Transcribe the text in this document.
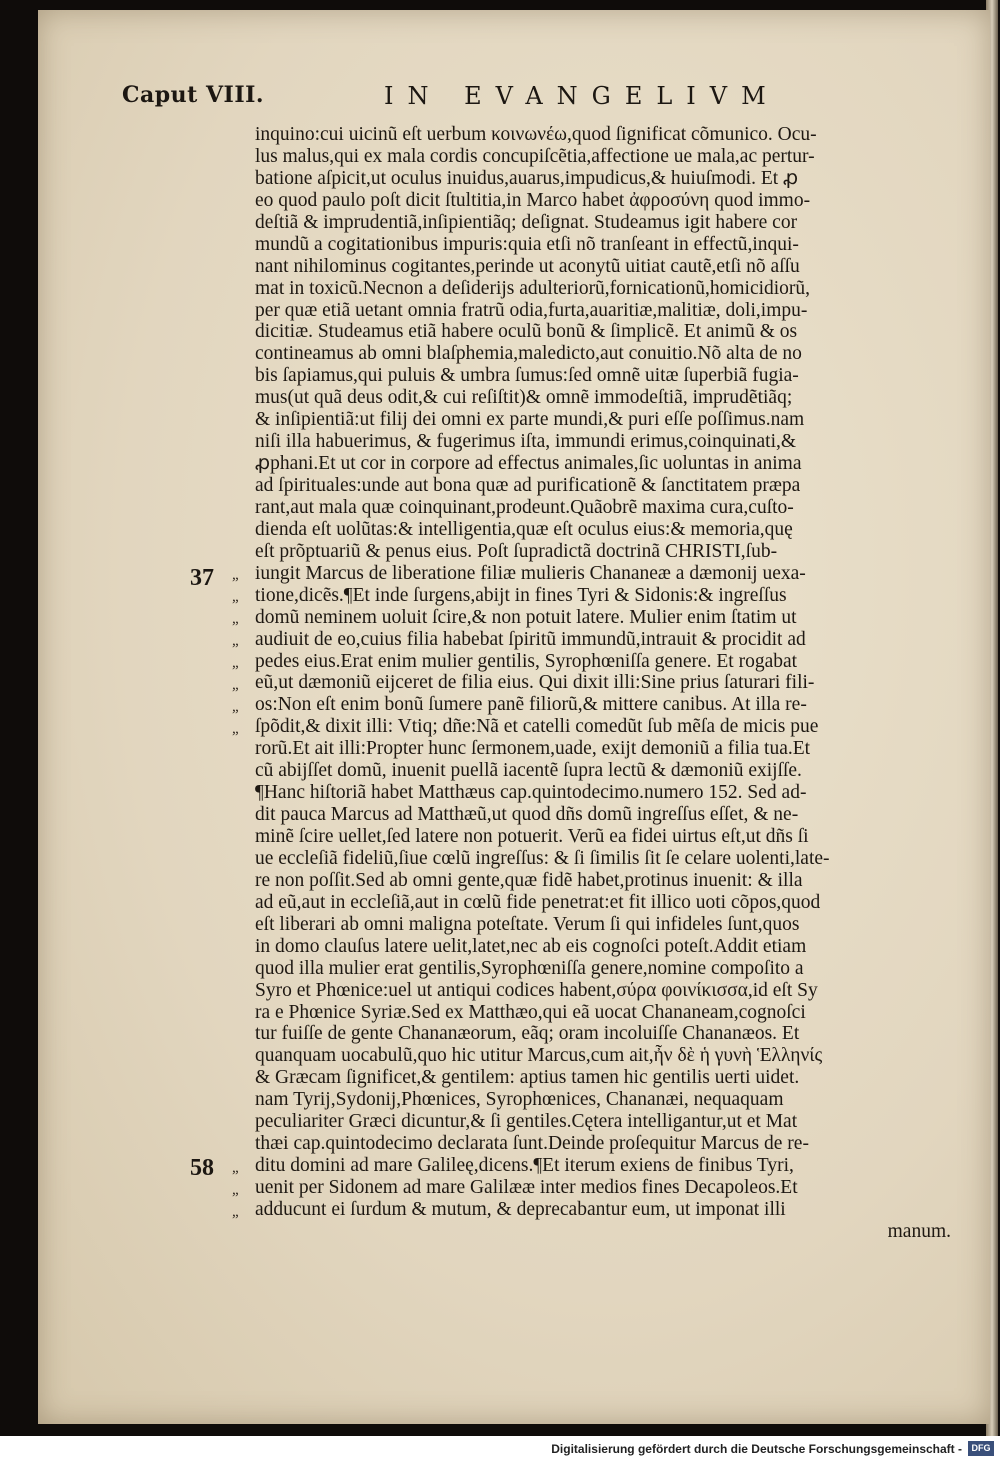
Caput VIII.	IN EVANGELIVM
inquino:cui uicinũ eſt uerbum κοινωνέω,quod ſignificat cõmunico. Ocu-
lus malus,qui ex mala cordis concupiſcẽtia,affectione ue mala,ac pertur-
batione aſpicit,ut oculus inuidus,auarus,impudicus,& huiuſmodi. Et ꝓ
eo quod paulo poſt dicit ſtultitia,in Marco habet ἀφροσύνη quod immo-
deſtiã & imprudentiã,inſipientiãq; deſignat. Studeamus igit habere cor
mundũ a cogitationibus impuris:quia etſi nõ tranſeant in effectũ,inqui-
nant nihilominus cogitantes,perinde ut aconytũ uitiat cautẽ,etſi nõ aſſu
mat in toxicũ.Necnon a deſiderijs adulteriorũ,fornicationũ,homicidiorũ,
per quæ etiã uetant omnia fratrũ odia,furta,auaritiæ,malitiæ, doli,impu-
dicitiæ. Studeamus etiã habere oculũ bonũ & ſimplicẽ. Et animũ & os
contineamus ab omni blaſphemia,maledicto,aut conuitio.Nõ alta de no
bis ſapiamus,qui puluis & umbra ſumus:ſed omnẽ uitæ ſuperbiã fugia-
mus(ut quã deus odit,& cui reſiſtit)& omnẽ immodeſtiã, imprudẽtiãq;
& inſipientiã:ut filij dei omni ex parte mundi,& puri eſſe poſſimus.nam
niſi illa habuerimus, & fugerimus iſta, immundi erimus,coinquinati,&
ꝓphani.Et ut cor in corpore ad effectus animales,ſic uoluntas in anima
ad ſpirituales:unde aut bona quæ ad purificationẽ & ſanctitatem præpa
rant,aut mala quæ coinquinant,prodeunt.Quãobrẽ maxima cura,cuſto-
dienda eſt uolũtas:& intelligentia,quæ eſt oculus eius:& memoria,quę
eſt prõptuariũ & penus eius. Poſt ſupradictã doctrinã CHRISTI,ſub-
iungit Marcus de liberatione filiæ mulieris Chananeæ a dæmonij uexa-
tione,dicẽs.¶Et inde ſurgens,abijt in fines Tyri & Sidonis:& ingreſſus
domũ neminem uoluit ſcire,& non potuit latere. Mulier enim ſtatim ut
audiuit de eo,cuius filia habebat ſpiritũ immundũ,intrauit & procidit ad
pedes eius.Erat enim mulier gentilis, Syrophœniſſa genere. Et rogabat
eũ,ut dæmoniũ eijceret de filia eius. Qui dixit illi:Sine prius ſaturari fili-
os:Non eſt enim bonũ ſumere panẽ filiorũ,& mittere canibus. At illa re-
ſpõdit,& dixit illi: Vtiq; dñe:Nã et catelli comedũt ſub mẽſa de micis pue
rorũ.Et ait illi:Propter hunc ſermonem,uade, exijt demoniũ a filia tua.Et
cũ abijſſet domũ, inuenit puellã iacentẽ ſupra lectũ & dæmoniũ exijſſe.
¶Hanc hiſtoriã habet Matthæus cap.quintodecimo.numero 152. Sed ad-
dit pauca Marcus ad Matthæũ,ut quod dñs domũ ingreſſus eſſet, & ne-
minẽ ſcire uellet,ſed latere non potuerit. Verũ ea fidei uirtus eſt,ut dñs ſi
ue eccleſiã fideliũ,ſiue cœlũ ingreſſus: & ſi ſimilis ſit ſe celare uolenti,late-
re non poſſit.Sed ab omni gente,quæ fidẽ habet,protinus inuenit: & illa
ad eũ,aut in eccleſiã,aut in cœlũ fide penetrat:et fit illico uoti cõpos,quod
eſt liberari ab omni maligna poteſtate. Verum ſi qui infideles ſunt,quos
in domo clauſus latere uelit,latet,nec ab eis cognoſci poteſt.Addit etiam
quod illa mulier erat gentilis,Syrophœniſſa genere,nomine compoſito a
Syro et Phœnice:uel ut antiqui codices habent,σύρα φοινίκισσα,id eſt Sy
ra e Phœnice Syriæ.Sed ex Matthæo,qui eã uocat Chananeam,cognoſci
tur fuiſſe de gente Chananæorum, eãq; oram incoluiſſe Chananæos. Et
quanquam uocabulũ,quo hic utitur Marcus,cum ait,ἦν δὲ ἡ γυνὴ Ἑλληνίς
& Græcam ſignificet,& gentilem: aptius tamen hic gentilis uerti uidet.
nam Tyrij,Sydonij,Phœnices, Syrophœnices, Chananæi, nequaquam
peculiariter Græci dicuntur,& ſi gentiles.Cętera intelligantur,ut et Mat
thæi cap.quintodecimo declarata ſunt.Deinde proſequitur Marcus de re-
ditu domini ad mare Galileę,dicens.¶Et iterum exiens de finibus Tyri,
uenit per Sidonem ad mare Galilææ inter medios fines Decapoleos.Et
adducunt ei ſurdum & mutum, & deprecabantur eum, ut imponat illi
manum.
37
58
„
„
„
„
„
„
„
„
„
„
„
Digitalisierung gefördert durch die Deutsche Forschungsgemeinschaft -	DFG
